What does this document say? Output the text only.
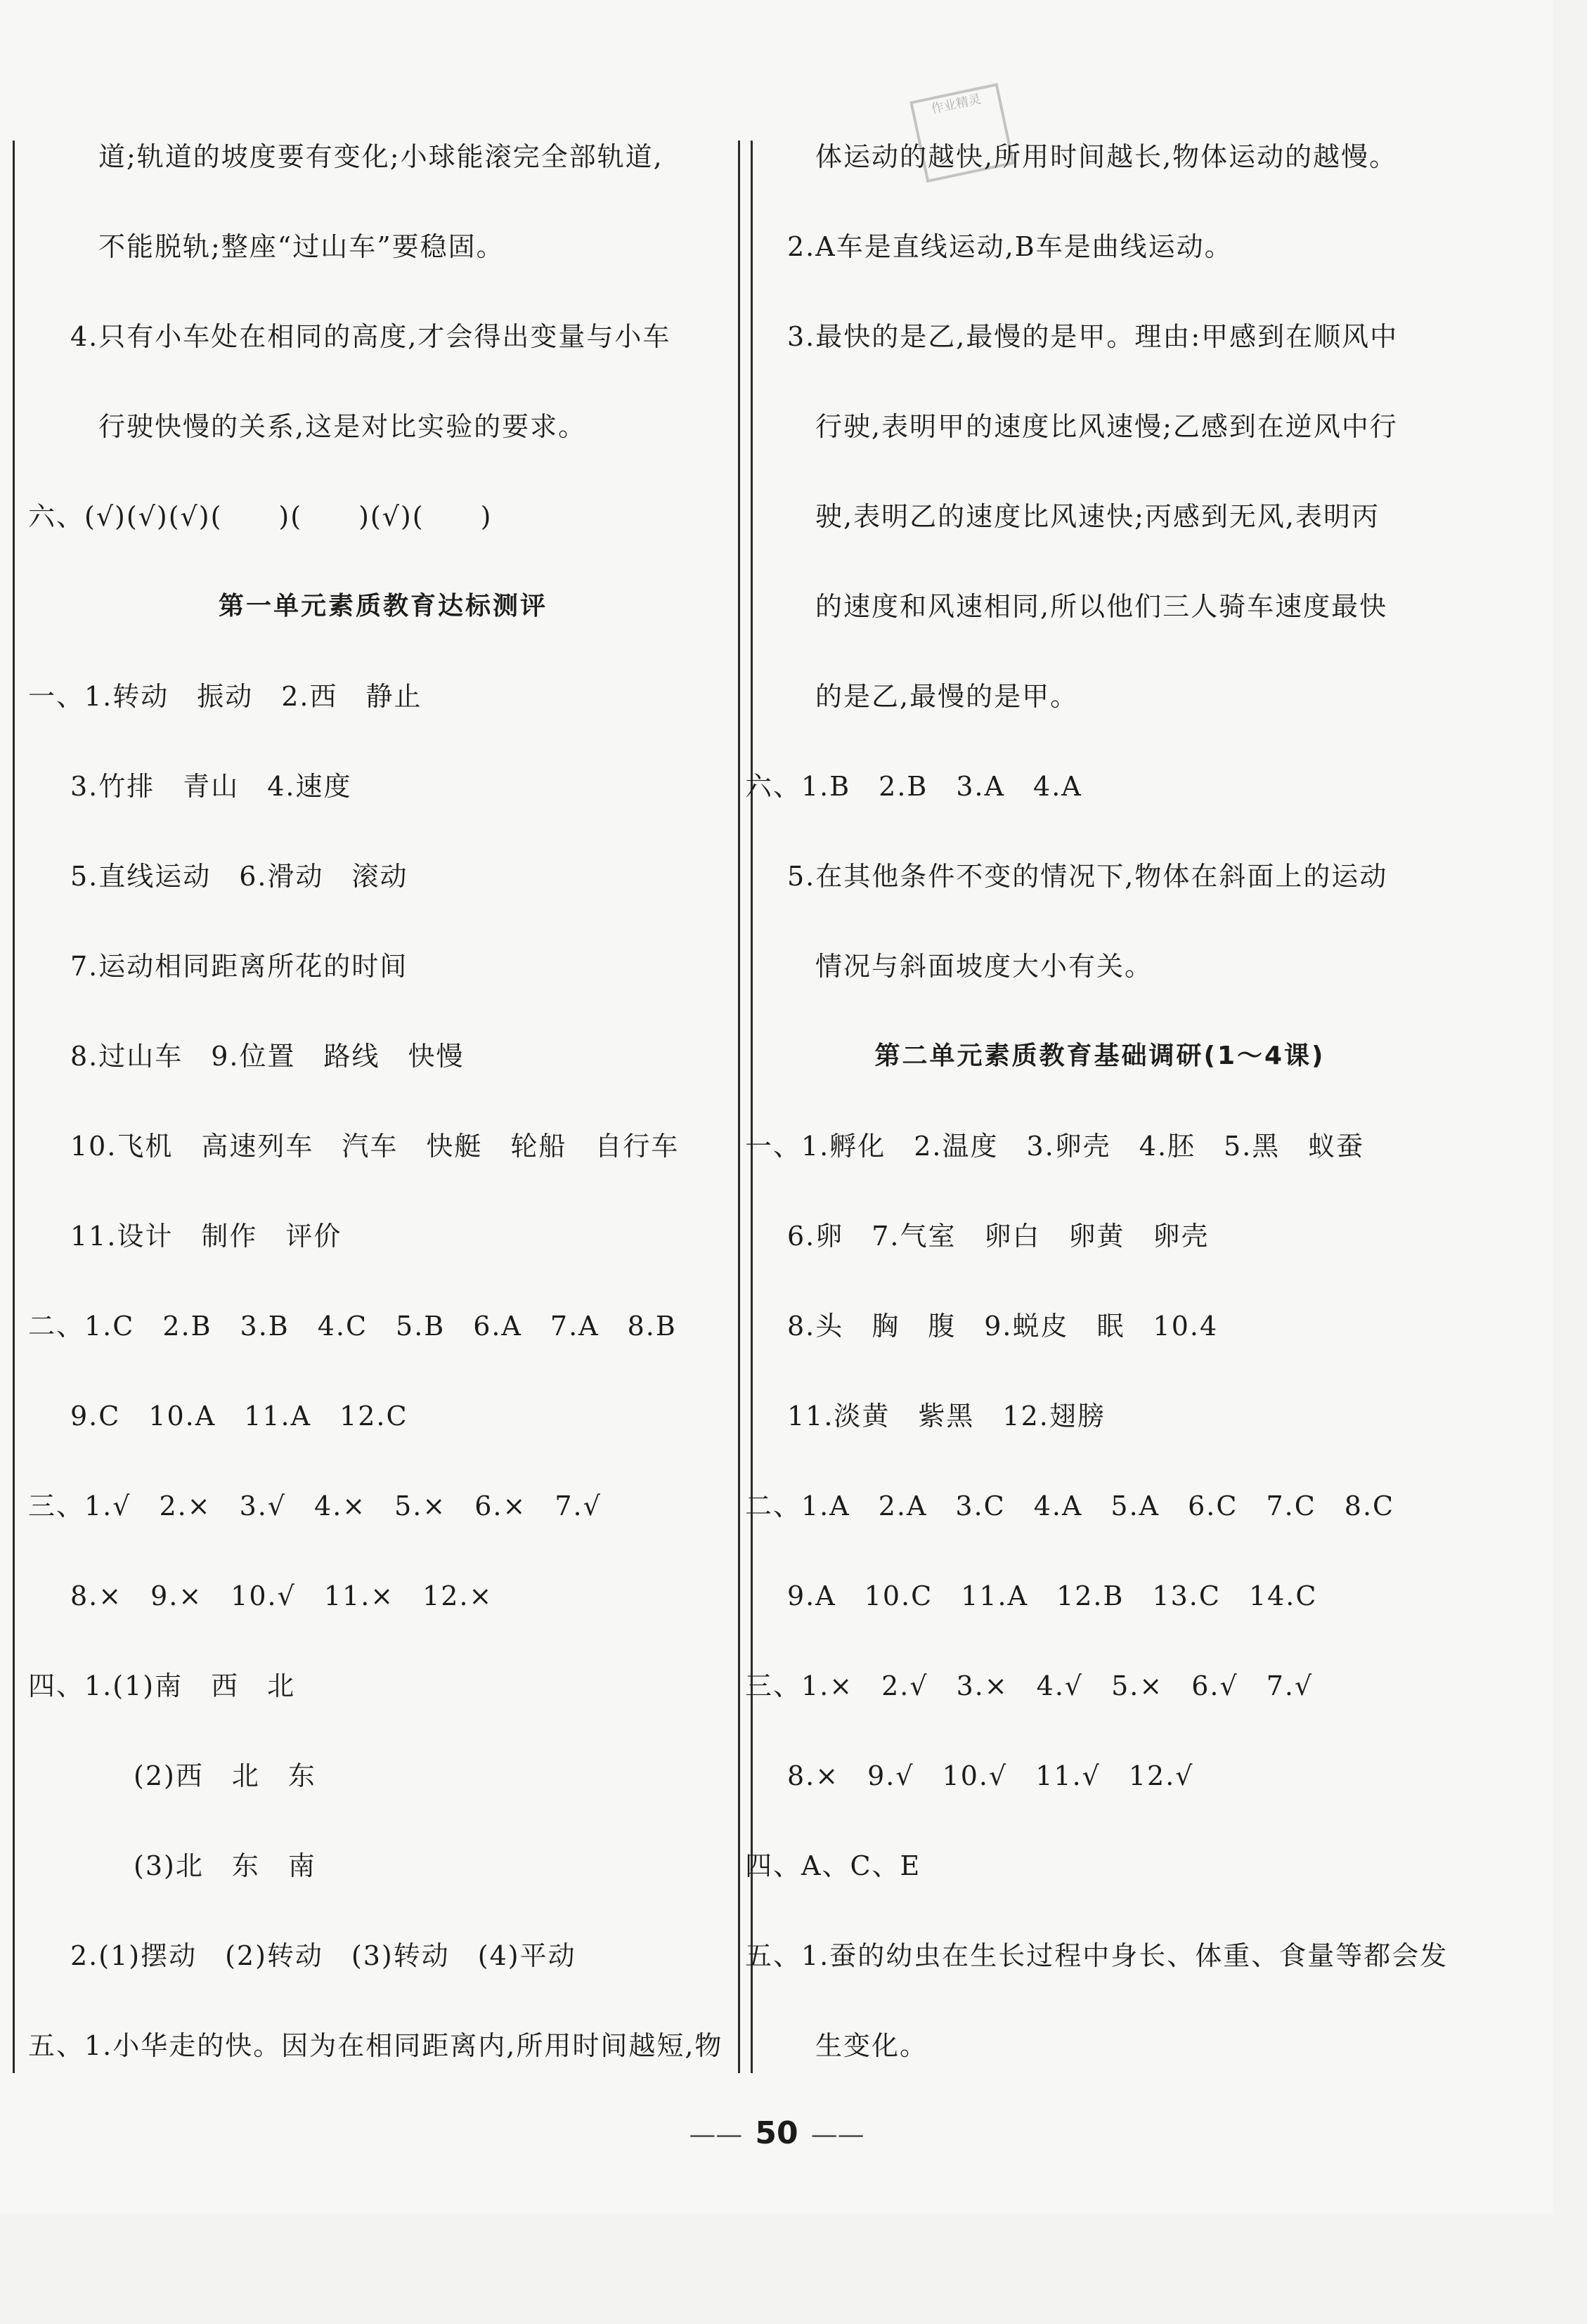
作业精灵
道;轨道的坡度要有变化;小球能滚完全部轨道,
不能脱轨;整座“过山车”要稳固。
4.只有小车处在相同的高度,才会得出变量与小车
行驶快慢的关系,这是对比实验的要求。
六、(√)(√)(√)(　　)(　　)(√)(　　)
第一单元素质教育达标测评
一、1.转动　振动　2.西　静止
3.竹排　青山　4.速度
5.直线运动　6.滑动　滚动
7.运动相同距离所花的时间
8.过山车　9.位置　路线　快慢
10.飞机　高速列车　汽车　快艇　轮船　自行车
11.设计　制作　评价
二、1.C　2.B　3.B　4.C　5.B　6.A　7.A　8.B
9.C　10.A　11.A　12.C
三、1.√　2.×　3.√　4.×　5.×　6.×　7.√
8.×　9.×　10.√　11.×　12.×
四、1.(1)南　西　北
(2)西　北　东
(3)北　东　南
2.(1)摆动　(2)转动　(3)转动　(4)平动
五、1.小华走的快。因为在相同距离内,所用时间越短,物
体运动的越快,所用时间越长,物体运动的越慢。
2.A车是直线运动,B车是曲线运动。
3.最快的是乙,最慢的是甲。理由:甲感到在顺风中
行驶,表明甲的速度比风速慢;乙感到在逆风中行
驶,表明乙的速度比风速快;丙感到无风,表明丙
的速度和风速相同,所以他们三人骑车速度最快
的是乙,最慢的是甲。
六、1.B　2.B　3.A　4.A
5.在其他条件不变的情况下,物体在斜面上的运动
情况与斜面坡度大小有关。
第二单元素质教育基础调研(1～4课)
一、1.孵化　2.温度　3.卵壳　4.胚　5.黑　蚁蚕
6.卵　7.气室　卵白　卵黄　卵壳
8.头　胸　腹　9.蜕皮　眠　10.4
11.淡黄　紫黑　12.翅膀
二、1.A　2.A　3.C　4.A　5.A　6.C　7.C　8.C
9.A　10.C　11.A　12.B　13.C　14.C
三、1.×　2.√　3.×　4.√　5.×　6.√　7.√
8.×　9.√　10.√　11.√　12.√
四、A、C、E
五、1.蚕的幼虫在生长过程中身长、体重、食量等都会发
生变化。
—— 50 ——
